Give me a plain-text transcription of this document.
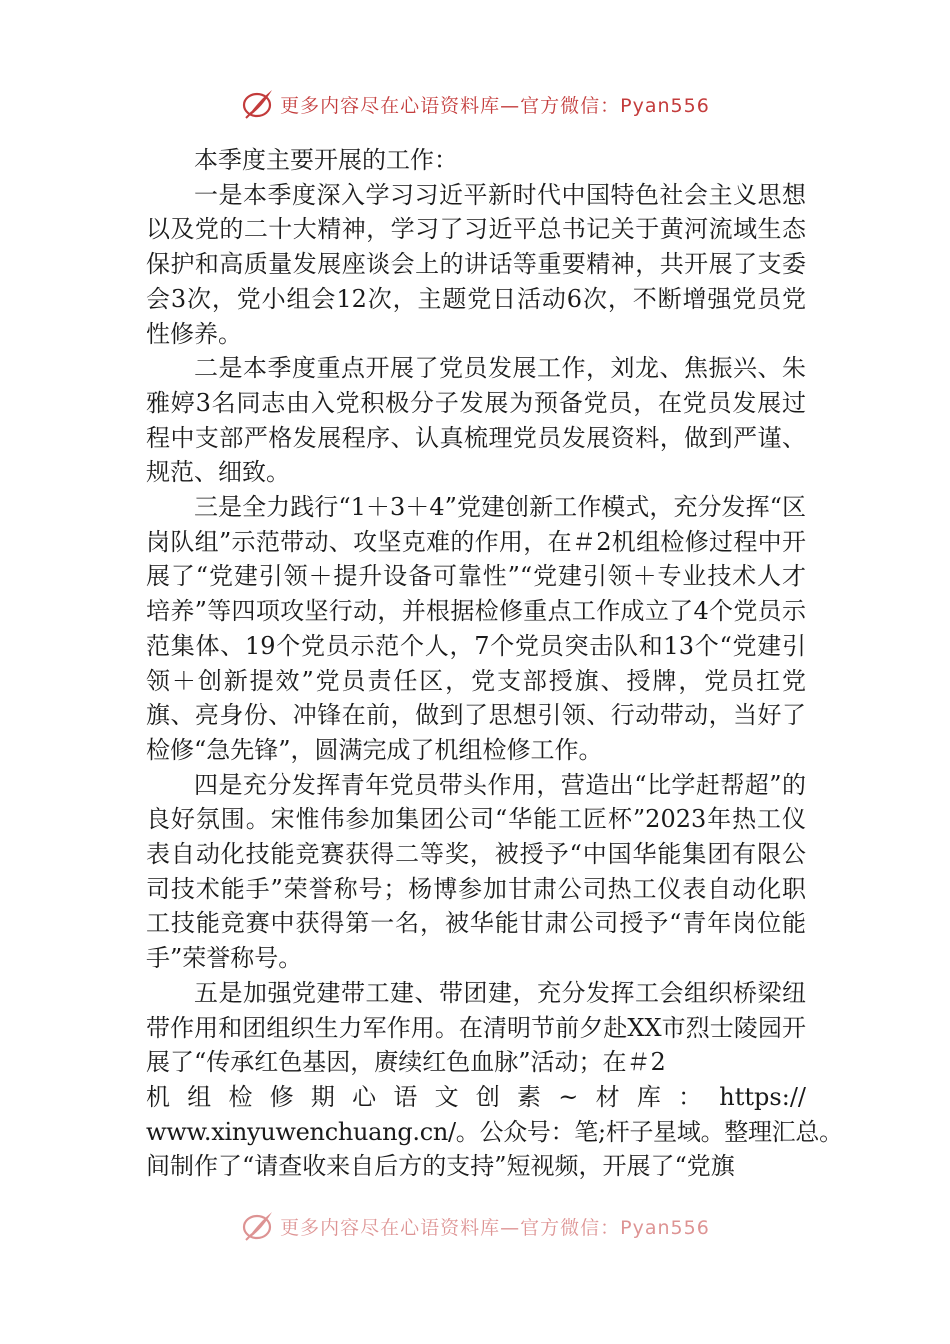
更多内容尽在心语资料库—官方微信：Pyan556

本季度主要开展的工作：

一是本季度深入学习习近平新时代中国特色社会主义思想以及党的二十大精神，学习了习近平总书记关于黄河流域生态保护和高质量发展座谈会上的讲话等重要精神，共开展了支委会3次，党小组会12次，主题党日活动6次，不断增强党员党性修养。

二是本季度重点开展了党员发展工作，刘龙、焦振兴、朱雅婷3名同志由入党积极分子发展为预备党员，在党员发展过程中支部严格发展程序、认真梳理党员发展资料，做到严谨、规范、细致。

三是全力践行“1＋3＋4”党建创新工作模式，充分发挥“区岗队组”示范带动、攻坚克难的作用，在＃2机组检修过程中开展了“党建引领＋提升设备可靠性”“党建引领＋专业技术人才培养”等四项攻坚行动，并根据检修重点工作成立了4个党员示范集体、19个党员示范个人，7个党员突击队和13个“党建引领＋创新提效”党员责任区，党支部授旗、授牌，党员扛党旗、亮身份、冲锋在前，做到了思想引领、行动带动，当好了检修“急先锋”，圆满完成了机组检修工作。

四是充分发挥青年党员带头作用，营造出“比学赶帮超”的良好氛围。宋惟伟参加集团公司“华能工匠杯”2023年热工仪表自动化技能竞赛获得二等奖，被授予“中国华能集团有限公司技术能手”荣誉称号；杨博参加甘肃公司热工仪表自动化职工技能竞赛中获得第一名，被华能甘肃公司授予“青年岗位能手”荣誉称号。

五是加强党建带工建、带团建，充分发挥工会组织桥梁纽带作用和团组织生力军作用。在清明节前夕赴XX市烈士陵园开展了“传承红色基因，赓续红色血脉”活动；在＃2

机组检修期心语文创素~材库：https://

www.xinyuwenchuang.cn/。公众号：笔;杆子星域。整理汇总。

间制作了“请查收来自后方的支持”短视频，开展了“党旗

更多内容尽在心语资料库—官方微信：Pyan556
